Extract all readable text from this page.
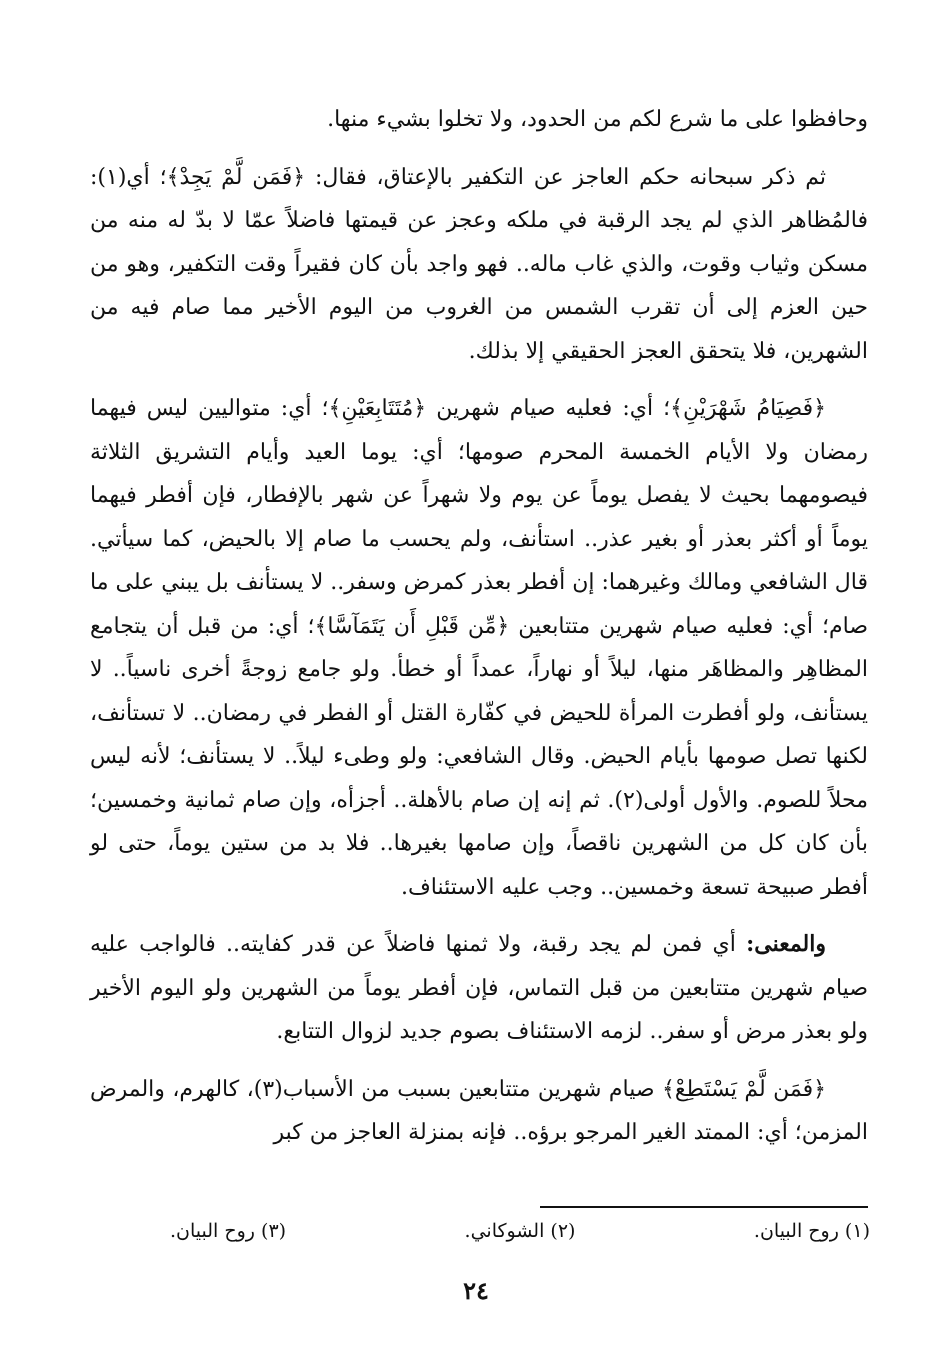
وحافظوا على ما شرع لكم من الحدود، ولا تخلوا بشيء منها.

ثم ذكر سبحانه حكم العاجز عن التكفير بالإعتاق، فقال: ﴿فَمَن لَّمْ يَجِدْ﴾؛ أي(١): فالمُظاهر الذي لم يجد الرقبة في ملكه وعجز عن قيمتها فاضلاً عمّا لا بدّ له منه من مسكن وثياب وقوت، والذي غاب ماله.. فهو واجد بأن كان فقيراً وقت التكفير، وهو من حين العزم إلى أن تقرب الشمس من الغروب من اليوم الأخير مما صام فيه من الشهرين، فلا يتحقق العجز الحقيقي إلا بذلك.

﴿فَصِيَامُ شَهْرَيْنِ﴾؛ أي: فعليه صيام شهرين ﴿مُتَتَابِعَيْنِ﴾؛ أي: متواليين ليس فيهما رمضان ولا الأيام الخمسة المحرم صومها؛ أي: يوما العيد وأيام التشريق الثلاثة فيصومهما بحيث لا يفصل يوماً عن يوم ولا شهراً عن شهر بالإفطار، فإن أفطر فيهما يوماً أو أكثر بعذر أو بغير عذر.. استأنف، ولم يحسب ما صام إلا بالحيض، كما سيأتي. قال الشافعي ومالك وغيرهما: إن أفطر بعذر كمرض وسفر.. لا يستأنف بل يبني على ما صام؛ أي: فعليه صيام شهرين متتابعين ﴿مِّن قَبْلِ أَن يَتَمَآسَّا﴾؛ أي: من قبل أن يتجامع المظاهِر والمظاهَر منها، ليلاً أو نهاراً، عمداً أو خطأ. ولو جامع زوجةً أخرى ناسياً.. لا يستأنف، ولو أفطرت المرأة للحيض في كفّارة القتل أو الفطر في رمضان.. لا تستأنف، لكنها تصل صومها بأيام الحيض. وقال الشافعي: ولو وطىء ليلاً.. لا يستأنف؛ لأنه ليس محلاً للصوم. والأول أولى(٢). ثم إنه إن صام بالأهلة.. أجزأه، وإن صام ثمانية وخمسين؛ بأن كان كل من الشهرين ناقصاً، وإن صامها بغيرها.. فلا بد من ستين يوماً، حتى لو أفطر صبيحة تسعة وخمسين.. وجب عليه الاستئناف.

والمعنى: أي فمن لم يجد رقبة، ولا ثمنها فاضلاً عن قدر كفايته.. فالواجب عليه صيام شهرين متتابعين من قبل التماس، فإن أفطر يوماً من الشهرين ولو اليوم الأخير ولو بعذر مرض أو سفر.. لزمه الاستئناف بصوم جديد لزوال التتابع.

﴿فَمَن لَّمْ يَسْتَطِعْ﴾ صيام شهرين متتابعين بسبب من الأسباب(٣)، كالهرم، والمرض المزمن؛ أي: الممتد الغير المرجو برؤه.. فإنه بمنزلة العاجز من كبر

(١) روح البيان.
(٢) الشوكاني.
(٣) روح البيان.
٢٤
